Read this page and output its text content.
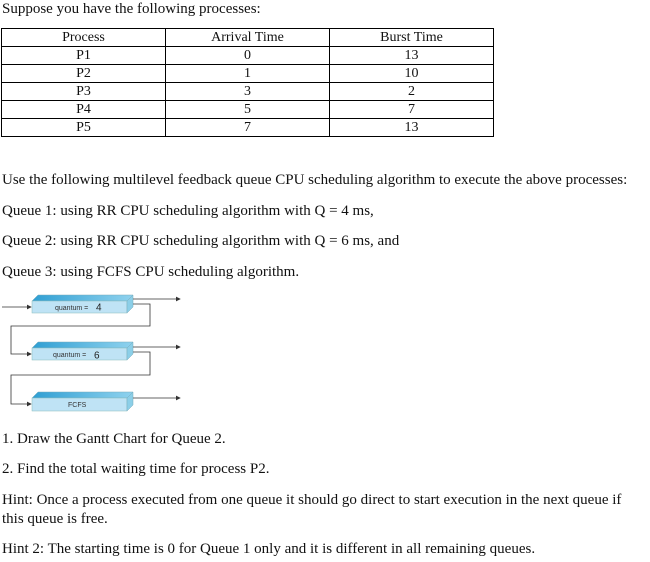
Suppose you have the following processes:
Process	Arrival Time	Burst Time
P1	0	13
P2	1	10
P3	3	2
P4	5	7
P5	7	13
Use the following multilevel feedback queue CPU scheduling algorithm to execute the above processes:
Queue 1: using RR CPU scheduling algorithm with Q = 4 ms,
Queue 2: using RR CPU scheduling algorithm with Q = 6 ms, and
Queue 3: using FCFS CPU scheduling algorithm.
quantum = 4
quantum = 6
FCFS
1. Draw the Gantt Chart for Queue 2.
2. Find the total waiting time for process P2.
Hint: Once a process executed from one queue it should go direct to start execution in the next queue if
this queue is free.
Hint 2: The starting time is 0 for Queue 1 only and it is different in all remaining queues.
